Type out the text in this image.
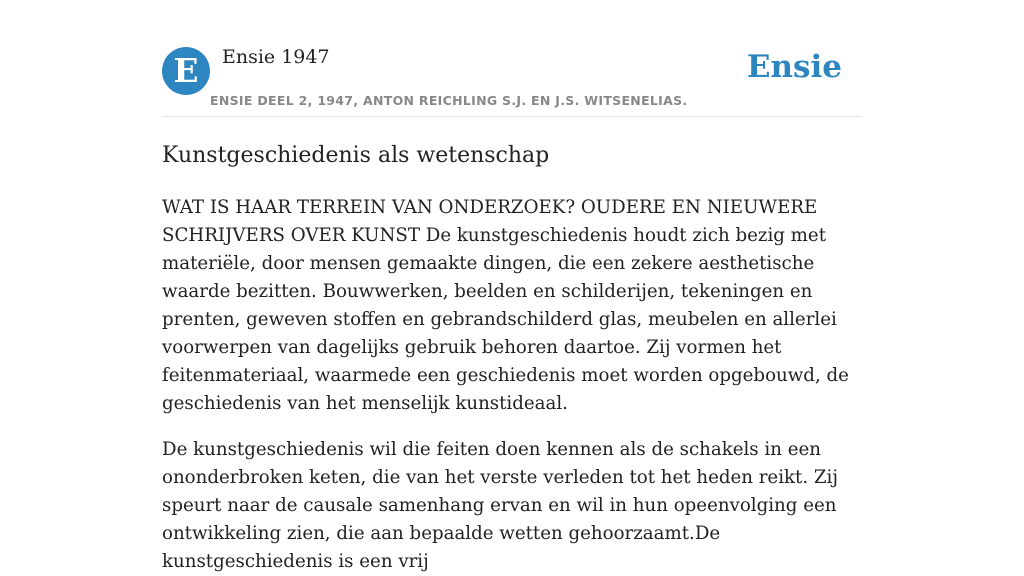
E	Ensie 1947
ENSIE DEEL 2, 1947, ANTON REICHLING S.J. EN J.S. WITSENELIAS.
Ensie
Kunstgeschiedenis als wetenschap

WAT IS HAAR TERREIN VAN ONDERZOEK? OUDERE EN NIEUWERE SCHRIJVERS OVER KUNST De kunstgeschiedenis houdt zich bezig met materiële, door mensen gemaakte dingen, die een zekere aesthetische waarde bezitten. Bouwwerken, beelden en schilderijen, tekeningen en prenten, geweven stoffen en gebrandschilderd glas, meubelen en allerlei voorwerpen van dagelijks gebruik behoren daartoe. Zij vormen het feitenmateriaal, waarmede een geschiedenis moet worden opgebouwd, de geschiedenis van het menselijk kunstideaal.

De kunstgeschiedenis wil die feiten doen kennen als de schakels in een ononderbroken keten, die van het verste verleden tot het heden reikt. Zij speurt naar de causale samenhang ervan en wil in hun opeenvolging een ontwikkeling zien, die aan bepaalde wetten gehoorzaamt.De kunstgeschiedenis is een vrij
